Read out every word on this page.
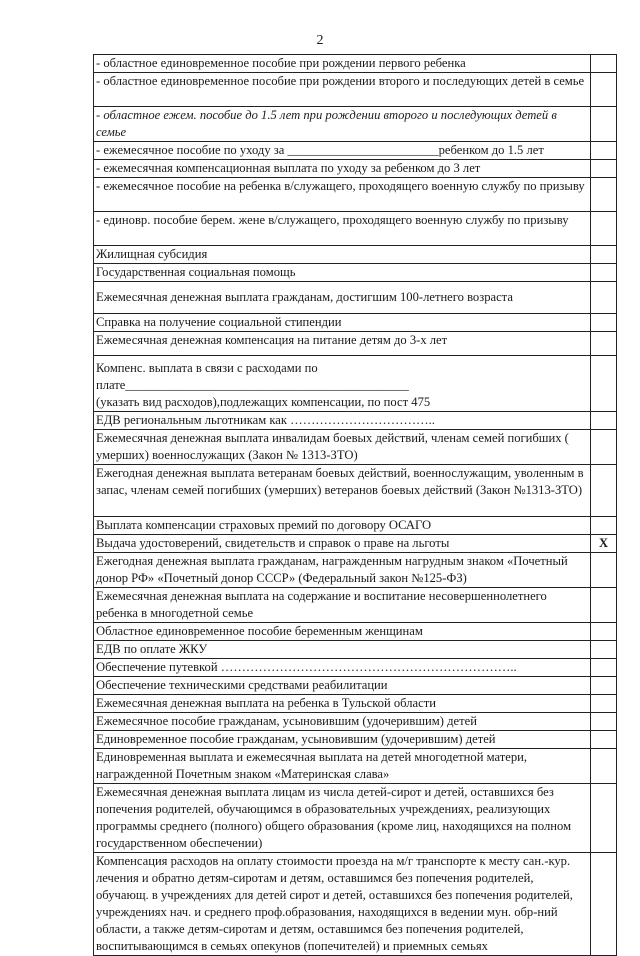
2
- областное единовременное пособие при рождении первого ребенка	
- областное единовременное пособие при рождении второго и последующих детей в семье	
- областное ежем. пособие до 1.5 лет при рождении второго и последующих детей в семье	
- ежемесячное пособие по уходу за ________________________ребенком до 1.5 лет	
- ежемесячная компенсационная выплата по уходу за ребенком до 3 лет	
- ежемесячное пособие на ребенка в/служащего, проходящего военную службу по призыву	
- единовр. пособие берем. жене в/служащего, проходящего военную службу по призыву	
Жилищная субсидия	
Государственная социальная помощь	
Ежемесячная денежная выплата гражданам, достигшим 100-летнего возраста	
Справка на получение социальной стипендии	
Ежемесячная денежная компенсация на питание детям до 3-х лет	
Компенс. выплата в связи с расходами по
плате_____________________________________________
(указать вид расходов),подлежащих компенсации, по пост 475	
ЕДВ региональным льготникам как ……………………………..	
Ежемесячная денежная выплата инвалидам боевых действий, членам семей погибших ( умерших) военнослужащих (Закон № 1313-ЗТО)	
Ежегодная денежная выплата ветеранам боевых действий, военнослужащим, уволенным в запас, членам семей погибших (умерших) ветеранов боевых действий (Закон №1313-ЗТО)	
Выплата компенсации страховых премий по договору ОСАГО	
Выдача удостоверений, свидетельств и справок о праве на льготы	X
Ежегодная денежная выплата гражданам, награжденным нагрудным знаком «Почетный донор РФ» «Почетный донор СССР» (Федеральный закон №125-ФЗ)	
Ежемесячная денежная выплата на содержание и воспитание несовершеннолетнего ребенка в многодетной семье	
Областное единовременное пособие беременным женщинам	
ЕДВ по оплате ЖКУ	
Обеспечение путевкой ……………………………………………………………..	
Обеспечение техническими средствами реабилитации	
Ежемесячная денежная выплата на ребенка в Тульской области	
Ежемесячное пособие гражданам, усыновившим (удочерившим) детей	
Единовременное пособие гражданам, усыновившим (удочерившим) детей	
Единовременная выплата и ежемесячная выплата на детей многодетной матери, награжденной Почетным знаком «Материнская слава»	
Ежемесячная денежная выплата лицам из числа детей-сирот и детей, оставшихся без попечения родителей, обучающимся в образовательных учреждениях, реализующих программы среднего (полного) общего образования (кроме лиц, находящихся на полном государственном обеспечении)	
Компенсация расходов на оплату стоимости проезда на м/г транспорте к месту сан.-кур. лечения и обратно детям-сиротам и детям, оставшимся без попечения родителей, обучающ. в учреждениях для детей сирот и детей, оставшихся без попечения родителей, учреждениях нач. и среднего проф.образования, находящихся в ведении мун. обр-ний области, а также детям-сиротам и детям, оставшимся без попечения родителей, воспитывающимся в семьях опекунов (попечителей) и приемных семьях	
